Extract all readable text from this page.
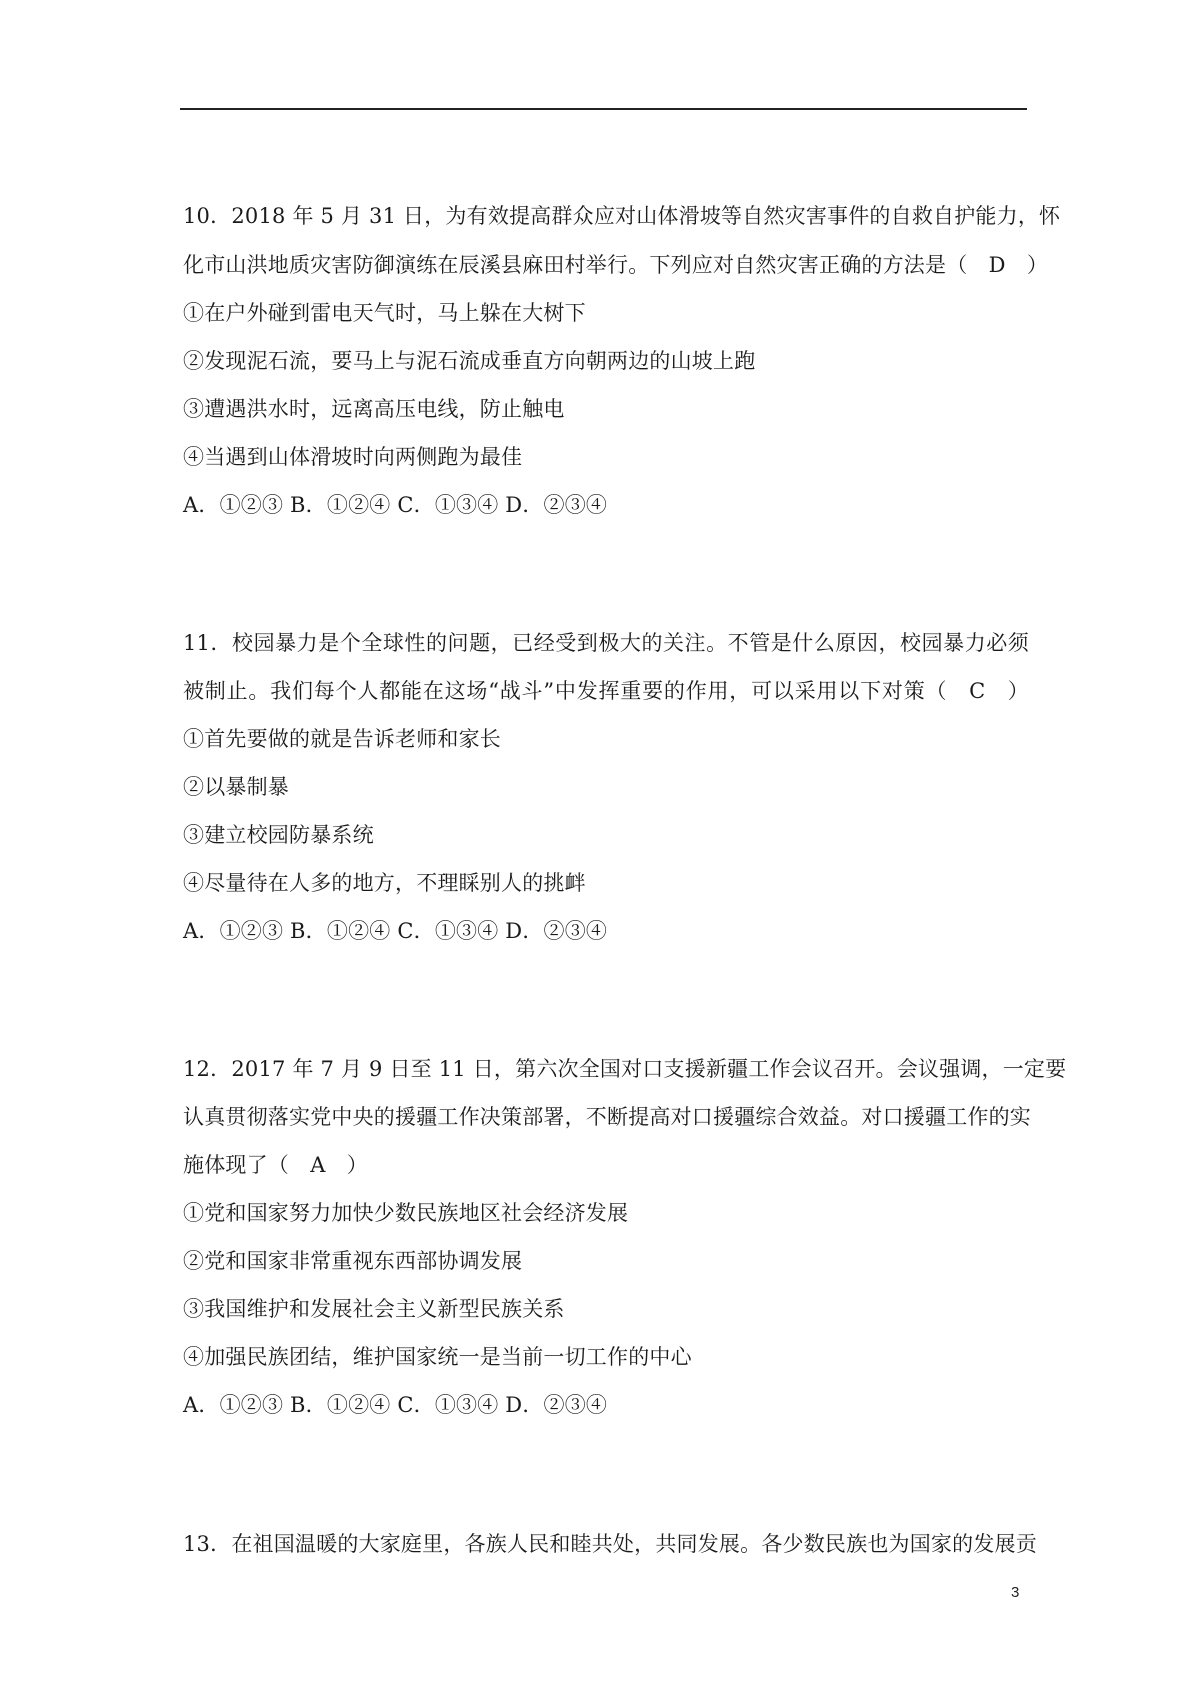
10．2018 年 5 月 31 日，为有效提高群众应对山体滑坡等自然灾害事件的自救自护能力，怀
化市山洪地质灾害防御演练在辰溪县麻田村举行。下列应对自然灾害正确的方法是（　D　）
①在户外碰到雷电天气时，马上躲在大树下
②发现泥石流，要马上与泥石流成垂直方向朝两边的山坡上跑
③遭遇洪水时，远离高压电线，防止触电
④当遇到山体滑坡时向两侧跑为最佳
A．①②③ B．①②④ C．①③④ D．②③④
11．校园暴力是个全球性的问题，已经受到极大的关注。不管是什么原因，校园暴力必须
被制止。我们每个人都能在这场“战斗”中发挥重要的作用，可以采用以下对策（　C　）
①首先要做的就是告诉老师和家长
②以暴制暴
③建立校园防暴系统
④尽量待在人多的地方，不理睬别人的挑衅
A．①②③ B．①②④ C．①③④ D．②③④
12．2017 年 7 月 9 日至 11 日，第六次全国对口支援新疆工作会议召开。会议强调，一定要
认真贯彻落实党中央的援疆工作决策部署，不断提高对口援疆综合效益。对口援疆工作的实
施体现了（　A　）
①党和国家努力加快少数民族地区社会经济发展
②党和国家非常重视东西部协调发展
③我国维护和发展社会主义新型民族关系
④加强民族团结，维护国家统一是当前一切工作的中心
A．①②③ B．①②④ C．①③④ D．②③④
13．在祖国温暖的大家庭里，各族人民和睦共处，共同发展。各少数民族也为国家的发展贡
3
